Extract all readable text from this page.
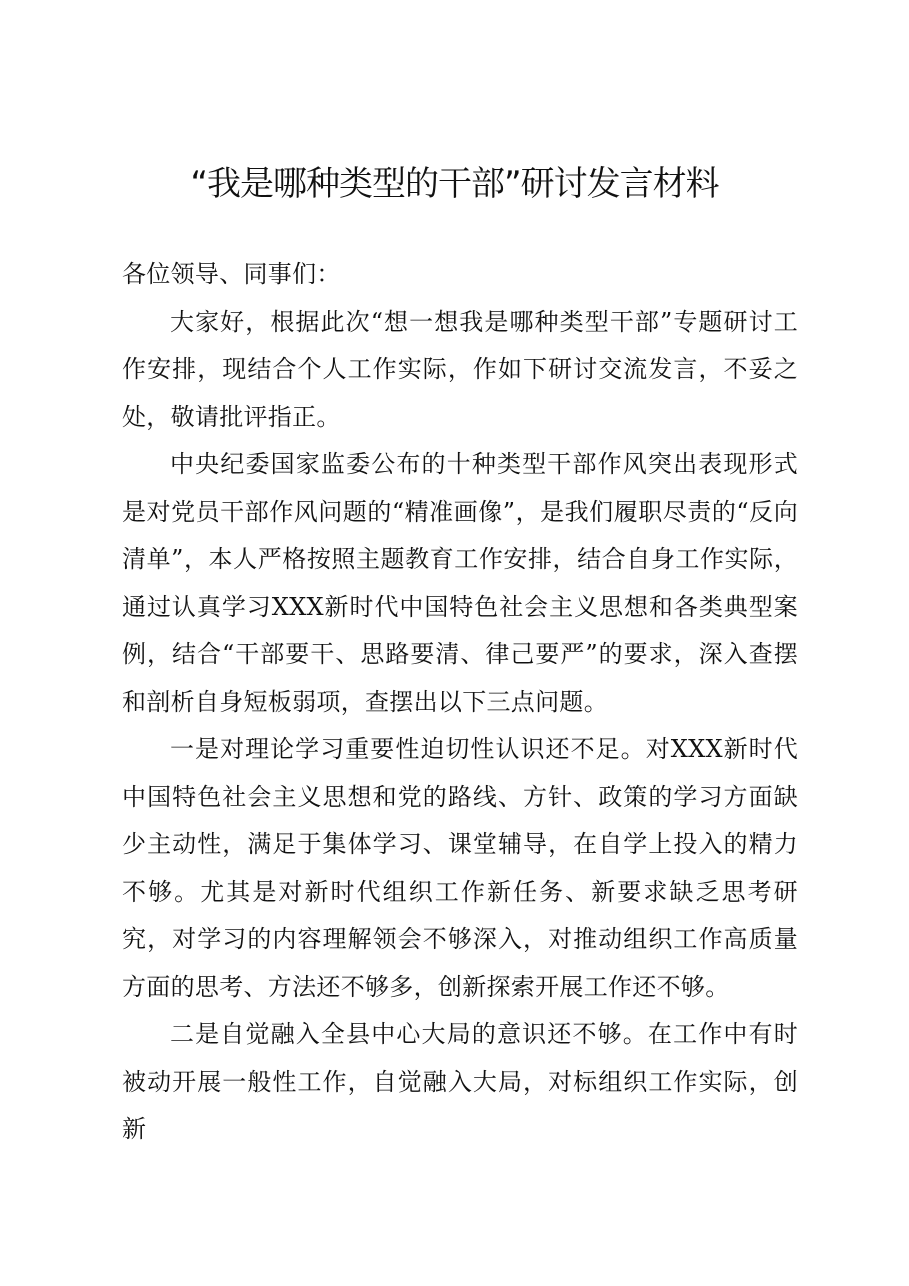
“我是哪种类型的干部”研讨发言材料

各位领导、同事们：

大家好，根据此次“想一想我是哪种类型干部”专题研讨工作安排，现结合个人工作实际，作如下研讨交流发言，不妥之处，敬请批评指正。

中央纪委国家监委公布的十种类型干部作风突出表现形式是对党员干部作风问题的“精准画像”，是我们履职尽责的“反向清单”，本人严格按照主题教育工作安排，结合自身工作实际，通过认真学习XXX新时代中国特色社会主义思想和各类典型案例，结合“干部要干、思路要清、律己要严”的要求，深入查摆和剖析自身短板弱项，查摆出以下三点问题。

一是对理论学习重要性迫切性认识还不足。对XXX新时代中国特色社会主义思想和党的路线、方针、政策的学习方面缺少主动性，满足于集体学习、课堂辅导，在自学上投入的精力不够。尤其是对新时代组织工作新任务、新要求缺乏思考研究，对学习的内容理解领会不够深入，对推动组织工作高质量方面的思考、方法还不够多，创新探索开展工作还不够。

二是自觉融入全县中心大局的意识还不够。在工作中有时被动开展一般性工作，自觉融入大局，对标组织工作实际，创新
